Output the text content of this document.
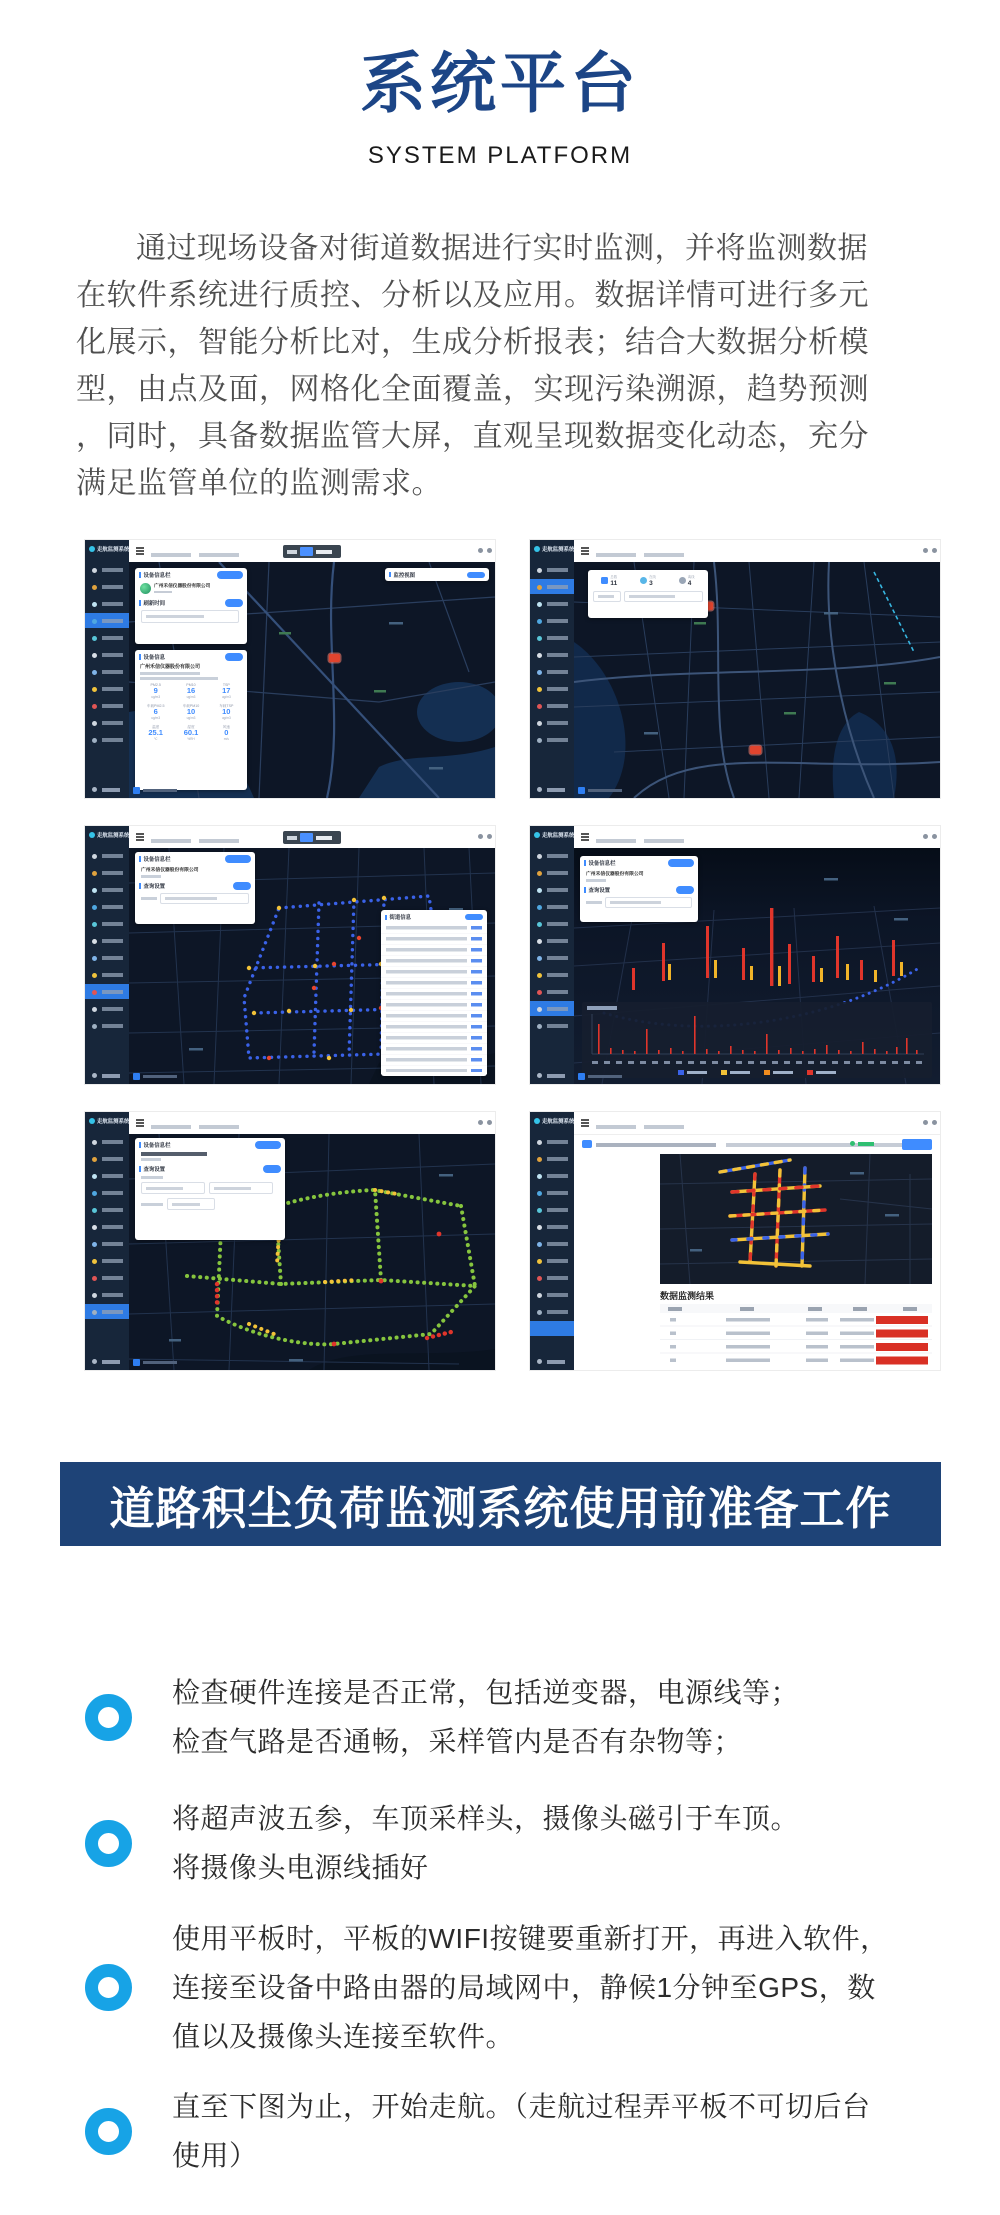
系统平台
SYSTEM PLATFORM
通过现场设备对街道数据进行实时监测，并将监测数据
在软件系统进行质控、分析以及应用。数据详情可进行多元
化展示，智能分析比对，生成分析报表；结合大数据分析模
型，由点及面，网格化全面覆盖，实现污染溯源，趋势预测
，同时，具备数据监管大屏，直观呈现数据变化动态，充分
满足监管单位的监测需求。
走航监测系统
设备信息栏
广州禾信仪器股份有限公司
刷新时间
设备信息
广州禾信仪器股份有限公司
PM2.5
9
ug/m3
PM10
16
ug/m3
TSP
17
ug/m3
车载PM2.5
6
ug/m3
车载PM10
10
ug/m3
车载TSP
10
ug/m3
温度
25.1
℃
湿度
60.1
%RH
风速
0
m/s
监控视图
走航监测系统
总数
11
在线
3
离线
4
走航监测系统
设备信息栏
广州禾信仪器股份有限公司
查询设置
街道信息
走航监测系统
设备信息栏
广州禾信仪器股份有限公司
查询设置
走航监测系统
设备信息栏
查询设置
走航监测系统
数据监测结果
道路积尘负荷监测系统使用前准备工作
检查硬件连接是否正常，包括逆变器，电源线等；
检查气路是否通畅，采样管内是否有杂物等；
将超声波五参，车顶采样头，摄像头磁引于车顶。
将摄像头电源线插好
使用平板时，平板的WIFI按键要重新打开，再进入软件，
连接至设备中路由器的局域网中，静候1分钟至GPS，数
值以及摄像头连接至软件。
直至下图为止，开始走航。（走航过程弄平板不可切后台
使用）
